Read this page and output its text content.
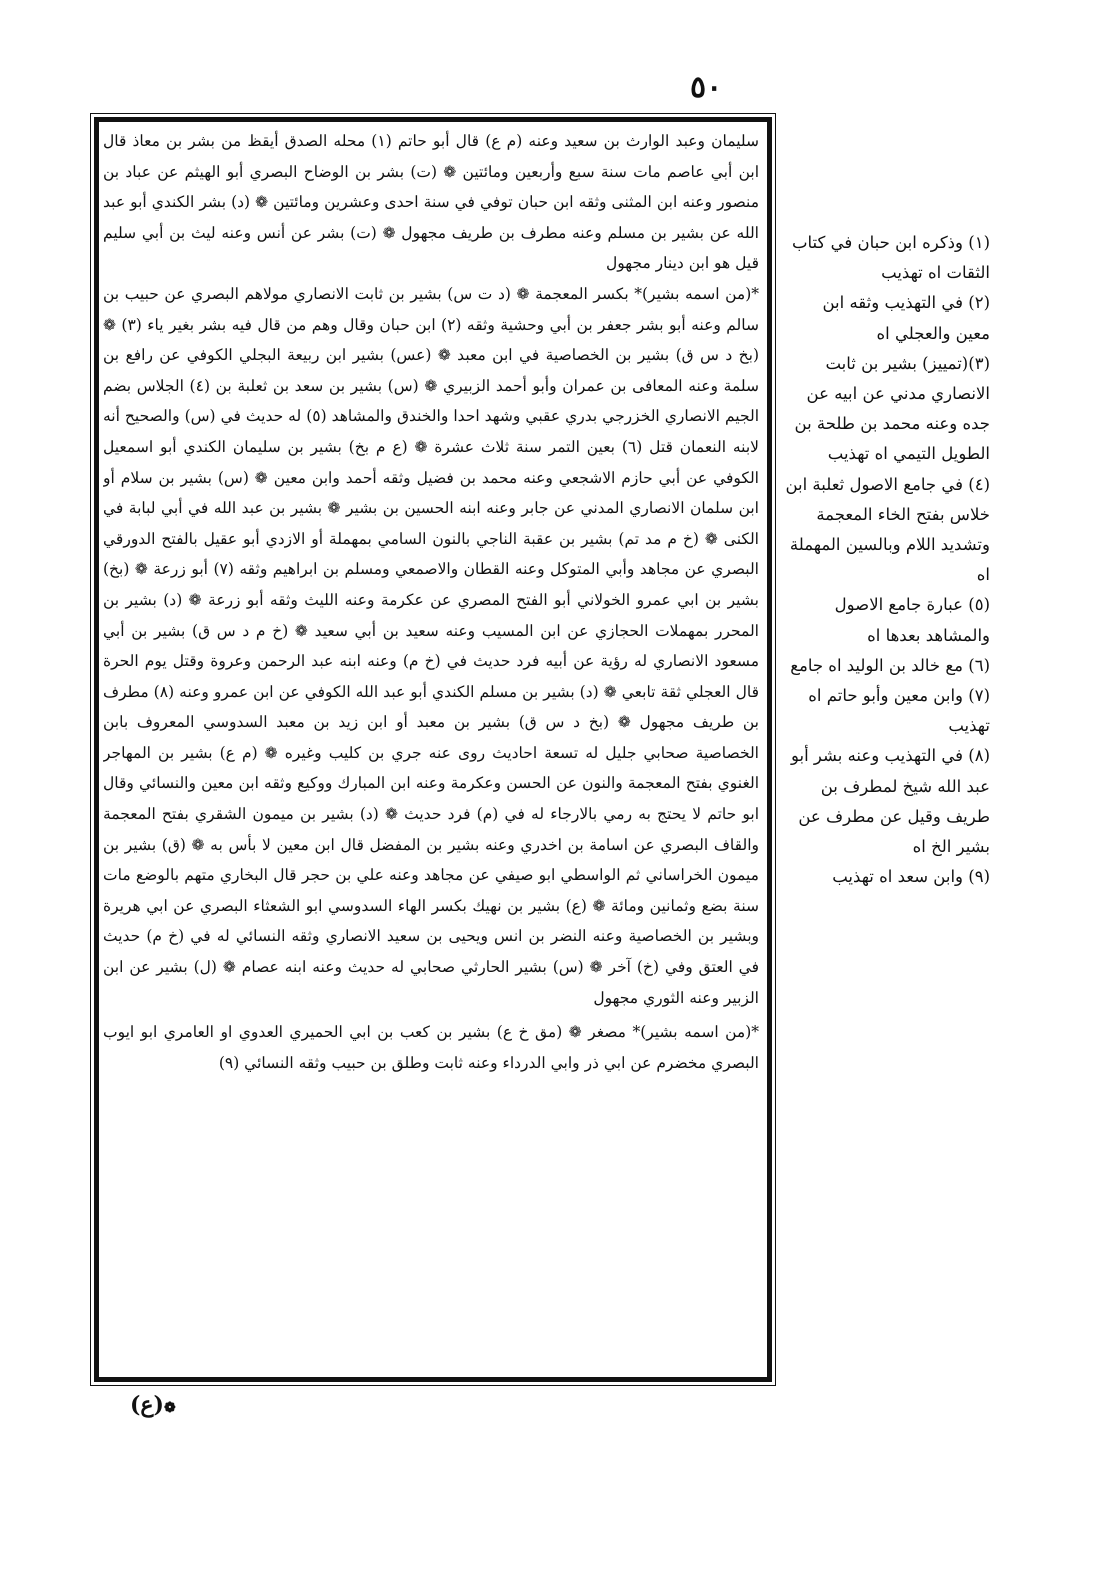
٥٠

سليمان وعبد الوارث بن سعيد وعنه (م ع) قال أبو حاتم (١) محله الصدق أيقظ من بشر بن معاذ قال ابن أبي عاصم مات سنة سبع وأربعين ومائتين ❁ (ت) بشر بن الوضاح البصري أبو الهيثم عن عباد بن منصور وعنه ابن المثنى وثقه ابن حبان توفي في سنة احدى وعشرين ومائتين ❁ (د) بشر الكندي أبو عبد الله عن بشير بن مسلم وعنه مطرف بن طريف مجهول ❁ (ت) بشر عن أنس وعنه ليث بن أبي سليم قيل هو ابن دينار مجهول

*(من اسمه بشير)* بكسر المعجمة ❁ (د ت س) بشير بن ثابت الانصاري مولاهم البصري عن حبيب بن سالم وعنه أبو بشر جعفر بن أبي وحشية وثقه (٢) ابن حبان وقال وهم من قال فيه بشر بغير ياء (٣) ❁ (بخ د س ق) بشير بن الخصاصية في ابن معبد ❁ (عس) بشير ابن ربيعة البجلي الكوفي عن رافع بن سلمة وعنه المعافى بن عمران وأبو أحمد الزبيري ❁ (س) بشير بن سعد بن ثعلبة بن (٤) الجلاس بضم الجيم الانصاري الخزرجي بدري عقبي وشهد احدا والخندق والمشاهد (٥) له حديث في (س) والصحيح أنه لابنه النعمان قتل (٦) بعين التمر سنة ثلاث عشرة ❁ (ع م بخ) بشير بن سليمان الكندي أبو اسمعيل الكوفي عن أبي حازم الاشجعي وعنه محمد بن فضيل وثقه أحمد وابن معين ❁ (س) بشير بن سلام أو ابن سلمان الانصاري المدني عن جابر وعنه ابنه الحسين بن بشير ❁ بشير بن عبد الله في أبي لبابة في الكنى ❁ (خ م مد تم) بشير بن عقبة الناجي بالنون السامي بمهملة أو الازدي أبو عقيل بالفتح الدورقي البصري عن مجاهد وأبي المتوكل وعنه القطان والاصمعي ومسلم بن ابراهيم وثقه (٧) أبو زرعة ❁ (بخ) بشير بن ابي عمرو الخولاني أبو الفتح المصري عن عكرمة وعنه الليث وثقه أبو زرعة ❁ (د) بشير بن المحرر بمهملات الحجازي عن ابن المسيب وعنه سعيد بن أبي سعيد ❁ (خ م د س ق) بشير بن أبي مسعود الانصاري له رؤية عن أبيه فرد حديث في (خ م) وعنه ابنه عبد الرحمن وعروة وقتل يوم الحرة قال العجلي ثقة تابعي ❁ (د) بشير بن مسلم الكندي أبو عبد الله الكوفي عن ابن عمرو وعنه (٨) مطرف بن طريف مجهول ❁ (بخ د س ق) بشير بن معبد أو ابن زيد بن معبد السدوسي المعروف بابن الخصاصية صحابي جليل له تسعة احاديث روى عنه جري بن كليب وغيره ❁ (م ع) بشير بن المهاجر الغنوي بفتح المعجمة والنون عن الحسن وعكرمة وعنه ابن المبارك ووكيع وثقه ابن معين والنسائي وقال ابو حاتم لا يحتج به رمي بالارجاء له في (م) فرد حديث ❁ (د) بشير بن ميمون الشقري بفتح المعجمة والقاف البصري عن اسامة بن اخدري وعنه بشير بن المفضل قال ابن معين لا بأس به ❁ (ق) بشير بن ميمون الخراساني ثم الواسطي ابو صيفي عن مجاهد وعنه علي بن حجر قال البخاري متهم بالوضع مات سنة بضع وثمانين ومائة ❁ (ع) بشير بن نهيك بكسر الهاء السدوسي ابو الشعثاء البصري عن ابي هريرة وبشير بن الخصاصية وعنه النضر بن انس ويحيى بن سعيد الانصاري وثقه النسائي له في (خ م) حديث في العتق وفي (خ) آخر ❁ (س) بشير الحارثي صحابي له حديث وعنه ابنه عصام ❁ (ل) بشير عن ابن الزبير وعنه الثوري مجهول

*(من اسمه بشير)* مصغر ❁ (مق خ ع) بشير بن كعب بن ابي الحميري العدوي او العامري ابو ايوب البصري مخضرم عن ابي ذر وابي الدرداء وعنه ثابت وطلق بن حبيب وثقه النسائي (٩)

(١) وذكره ابن حبان في كتاب الثقات اه تهذيب

(٢) في التهذيب وثقه ابن معين والعجلي اه

(٣)(تمييز) بشير بن ثابت الانصاري مدني عن ابيه عن جده وعنه محمد بن طلحة بن الطويل التيمي اه تهذيب

(٤) في جامع الاصول ثعلبة ابن خلاس بفتح الخاء المعجمة وتشديد اللام وبالسين المهملة اه

(٥) عبارة جامع الاصول والمشاهد بعدها اه

(٦) مع خالد بن الوليد اه جامع

(٧) وابن معين وأبو حاتم اه تهذيب

(٨) في التهذيب وعنه بشر أبو عبد الله شيخ لمطرف بن طريف وقيل عن مطرف عن بشير الخ اه

(٩) وابن سعد اه تهذيب

❁(ع)
